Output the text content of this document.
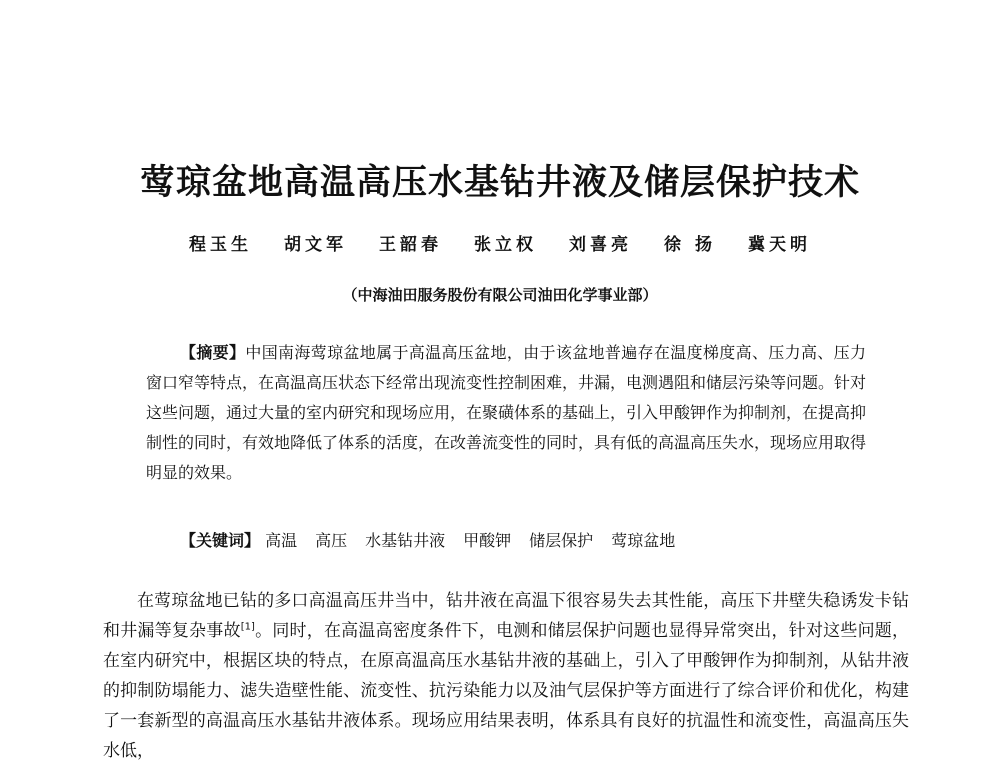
莺琼盆地高温高压水基钻井液及储层保护技术
程玉生 胡文军 王韶春 张立权 刘喜亮 徐 扬 冀天明
（中海油田服务股份有限公司油田化学事业部）

【摘要】中国南海莺琼盆地属于高温高压盆地，由于该盆地普遍存在温度梯度高、压力高、压力窗口窄等特点，在高温高压状态下经常出现流变性控制困难，井漏，电测遇阻和储层污染等问题。针对这些问题，通过大量的室内研究和现场应用，在聚磺体系的基础上，引入甲酸钾作为抑制剂，在提高抑制性的同时，有效地降低了体系的活度，在改善流变性的同时，具有低的高温高压失水，现场应用取得明显的效果。

【关键词】 高温 高压 水基钻井液 甲酸钾 储层保护 莺琼盆地

在莺琼盆地已钻的多口高温高压井当中，钻井液在高温下很容易失去其性能，高压下井壁失稳诱发卡钻和井漏等复杂事故[1]。同时，在高温高密度条件下，电测和储层保护问题也显得异常突出，针对这些问题，在室内研究中，根据区块的特点，在原高温高压水基钻井液的基础上，引入了甲酸钾作为抑制剂，从钻井液的抑制防塌能力、滤失造壁性能、流变性、抗污染能力以及油气层保护等方面进行了综合评价和优化，构建了一套新型的高温高压水基钻井液体系。现场应用结果表明，体系具有良好的抗温性和流变性，高温高压失水低，
